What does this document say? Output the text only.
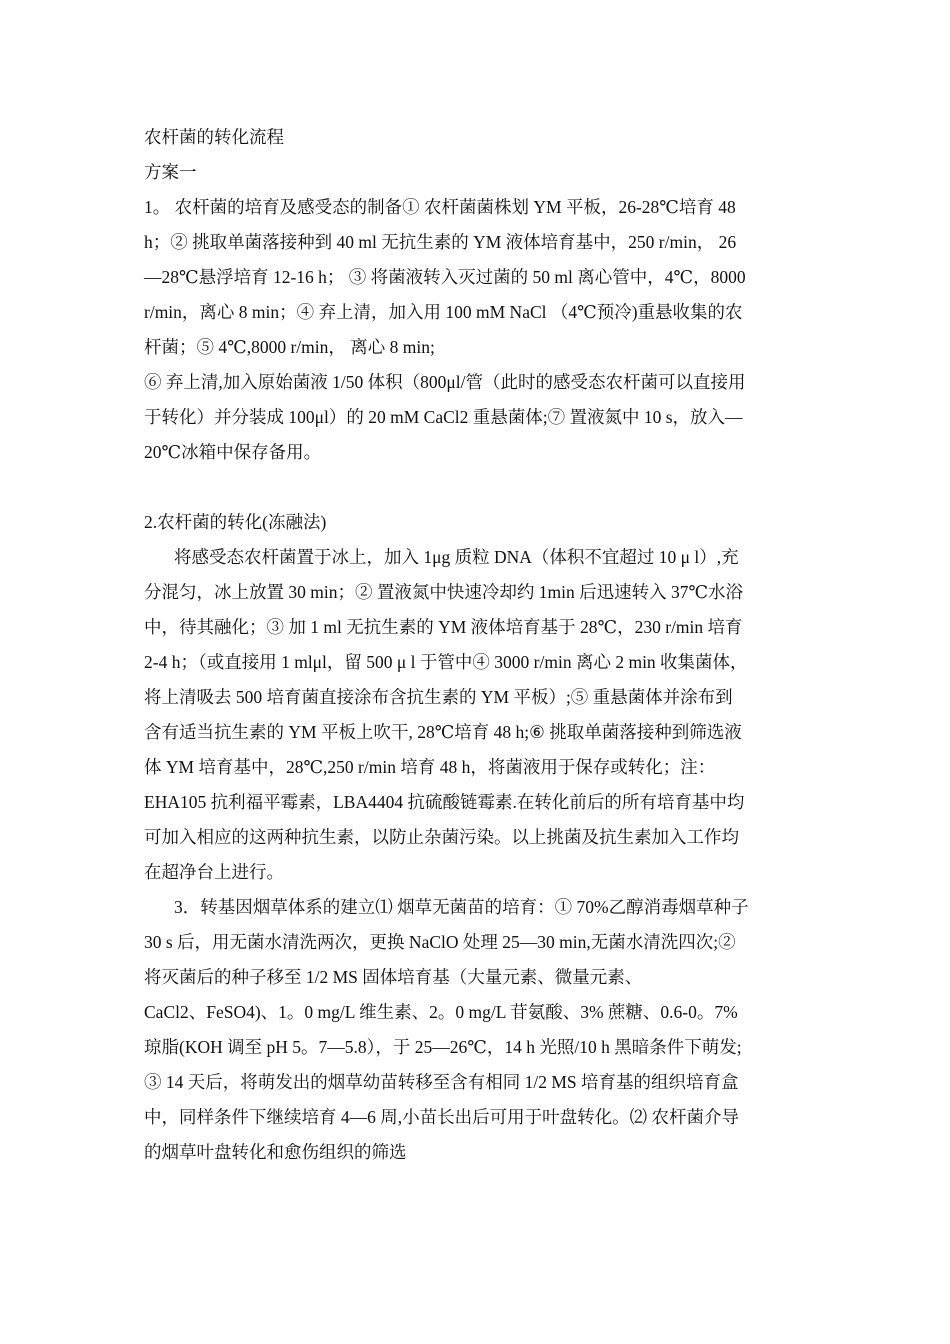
农杆菌的转化流程
方案一
1。 农杆菌的培育及感受态的制备① 农杆菌菌株划 YM 平板，26-28℃培育 48
h；② 挑取单菌落接种到 40 ml 无抗生素的 YM 液体培育基中，250 r/min， 26
—28℃悬浮培育 12-16 h； ③ 将菌液转入灭过菌的 50 ml 离心管中，4℃，8000
r/min，离心 8 min；④ 弃上清，加入用 100 mM NaCl （4℃预冷)重悬收集的农
杆菌；⑤ 4℃,8000 r/min， 离心 8 min;
⑥ 弃上清,加入原始菌液 1/50 体积（800μl/管（此时的感受态农杆菌可以直接用
于转化）并分装成 100μl）的 20 mM CaCl2 重悬菌体;⑦ 置液氮中 10 s，放入—
20℃冰箱中保存备用。
2.农杆菌的转化(冻融法)
将感受态农杆菌置于冰上，加入 1μg 质粒 DNA（体积不宜超过 10 μ l）,充
分混匀，冰上放置 30 min；② 置液氮中快速冷却约 1min 后迅速转入 37℃水浴
中，待其融化；③ 加 1 ml 无抗生素的 YM 液体培育基于 28℃，230 r/min 培育
2-4 h；（或直接用 1 mlμl，留 500 μ l 于管中④ 3000 r/min 离心 2 min 收集菌体，
将上清吸去 500 培育菌直接涂布含抗生素的 YM 平板）;⑤ 重悬菌体并涂布到
含有适当抗生素的 YM 平板上吹干, 28℃培育 48 h;⑥ 挑取单菌落接种到筛选液
体 YM 培育基中，28℃,250 r/min 培育 48 h，将菌液用于保存或转化；注：
EHA105 抗利福平霉素，LBA4404 抗硫酸链霉素.在转化前后的所有培育基中均
可加入相应的这两种抗生素，以防止杂菌污染。以上挑菌及抗生素加入工作均
在超净台上进行。
3．转基因烟草体系的建立⑴ 烟草无菌苗的培育：① 70%乙醇消毒烟草种子
30 s 后，用无菌水清洗两次，更换 NaClO 处理 25—30 min,无菌水清洗四次;②
将灭菌后的种子移至 1/2 MS 固体培育基（大量元素、微量元素、
CaCl2、FeSO4)、1。0 mg/L 维生素、2。0 mg/L 苷氨酸、3% 蔗糖、0.6-0。7%
琼脂(KOH 调至 pH 5。7—5.8），于 25—26℃，14 h 光照/10 h 黑暗条件下萌发;
③ 14 天后，将萌发出的烟草幼苗转移至含有相同 1/2 MS 培育基的组织培育盒
中，同样条件下继续培育 4—6 周,小苗长出后可用于叶盘转化。⑵ 农杆菌介导
的烟草叶盘转化和愈伤组织的筛选
